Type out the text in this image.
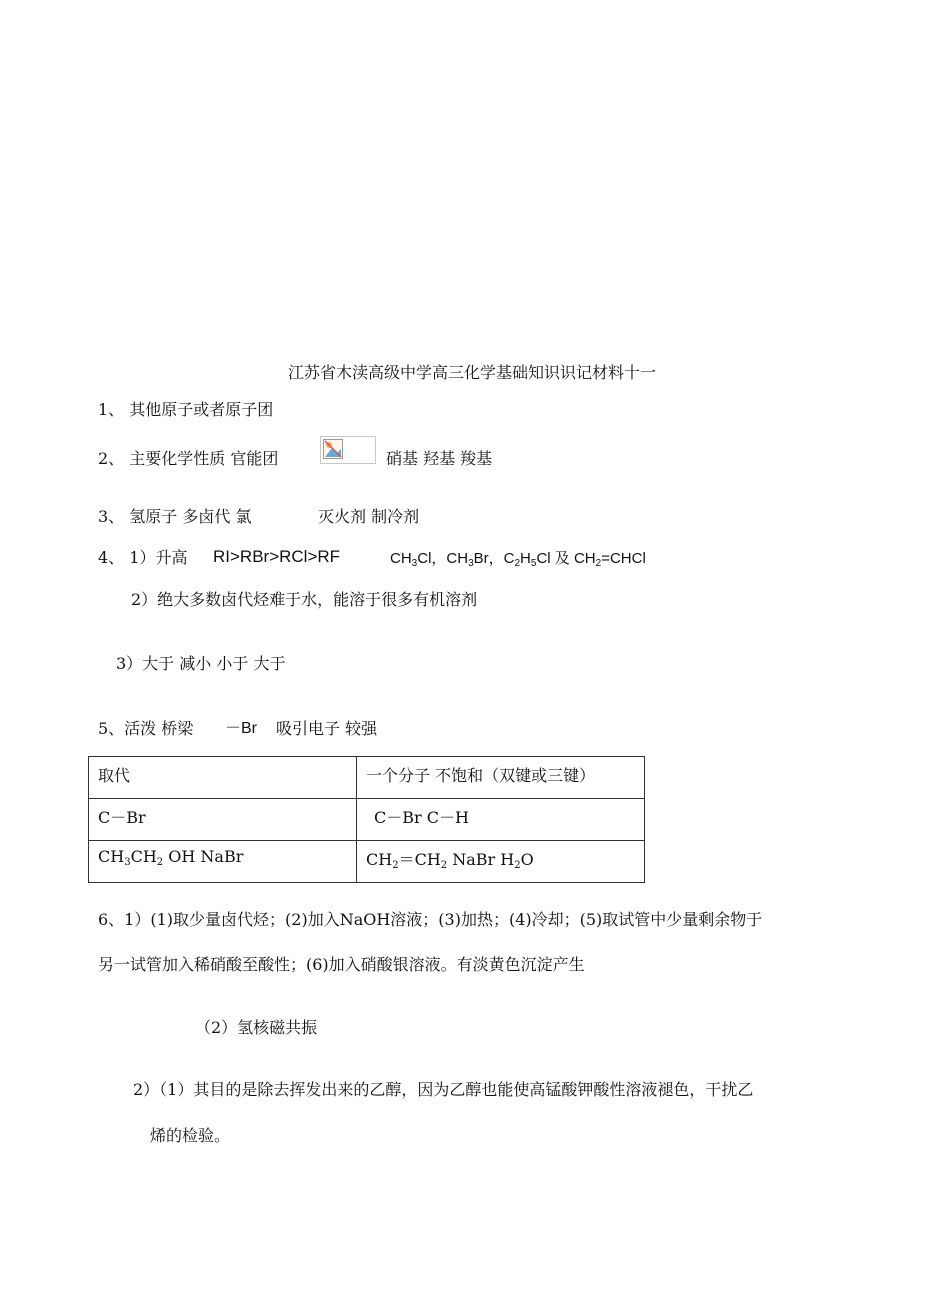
江苏省木渎高级中学高三化学基础知识识记材料十一
1、 其他原子或者原子团
2、 主要化学性质 官能团	硝基 羟基 羧基
3、 氢原子 多卤代 氯	灭火剂 制冷剂
4、 1）升高 RI>RBr>RCl>RF	$CH_3Cl$，$CH_3Br$，$C_2H_5Cl$ 及 $CH_2=CHCl$
2）绝大多数卤代烃难于水，能溶于很多有机溶剂
3）大于 减小 小于 大于
5、活泼 桥梁 －Br 吸引电子 较强
取代	一个分子 不饱和（双键或三键）
C－Br	C－Br C－H
$CH_3CH_2$ OH NaBr	$CH_2=CH_2$ NaBr $H_2O$
6、1）(1)取少量卤代烃；(2)加入NaOH溶液；(3)加热；(4)冷却；(5)取试管中少量剩余物于
另一试管加入稀硝酸至酸性；(6)加入硝酸银溶液。有淡黄色沉淀产生
（2）氢核磁共振
2）（1）其目的是除去挥发出来的乙醇，因为乙醇也能使高锰酸钾酸性溶液褪色，干扰乙
烯的检验。
